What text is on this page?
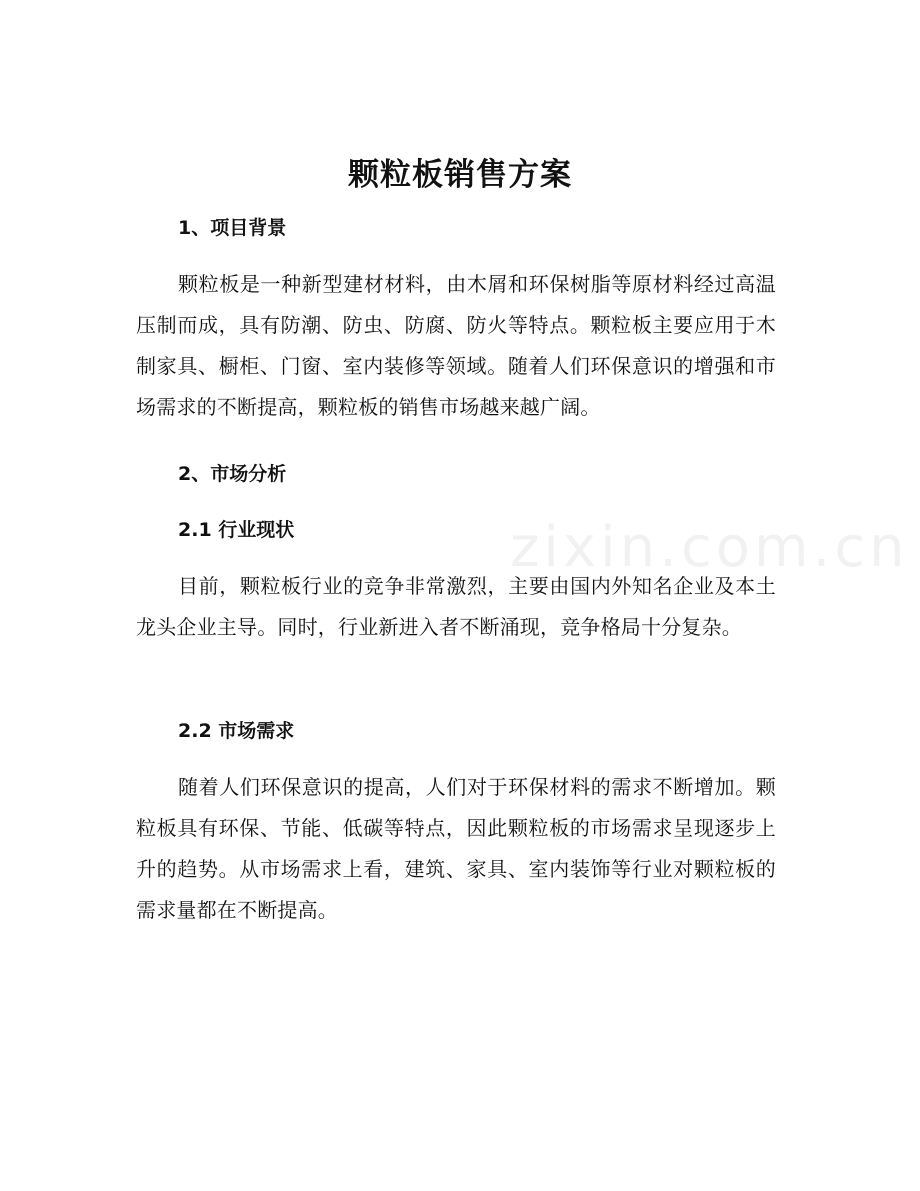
zixin.com.cn
颗粒板销售方案
1、项目背景
颗粒板是一种新型建材材料，由木屑和环保树脂等原材料经过高温压制而成，具有防潮、防虫、防腐、防火等特点。颗粒板主要应用于木制家具、橱柜、门窗、室内装修等领域。随着人们环保意识的增强和市场需求的不断提高，颗粒板的销售市场越来越广阔。
2、市场分析
2.1 行业现状
目前，颗粒板行业的竞争非常激烈，主要由国内外知名企业及本土龙头企业主导。同时，行业新进入者不断涌现，竞争格局十分复杂。
2.2 市场需求
随着人们环保意识的提高，人们对于环保材料的需求不断增加。颗粒板具有环保、节能、低碳等特点，因此颗粒板的市场需求呈现逐步上升的趋势。从市场需求上看，建筑、家具、室内装饰等行业对颗粒板的需求量都在不断提高。
